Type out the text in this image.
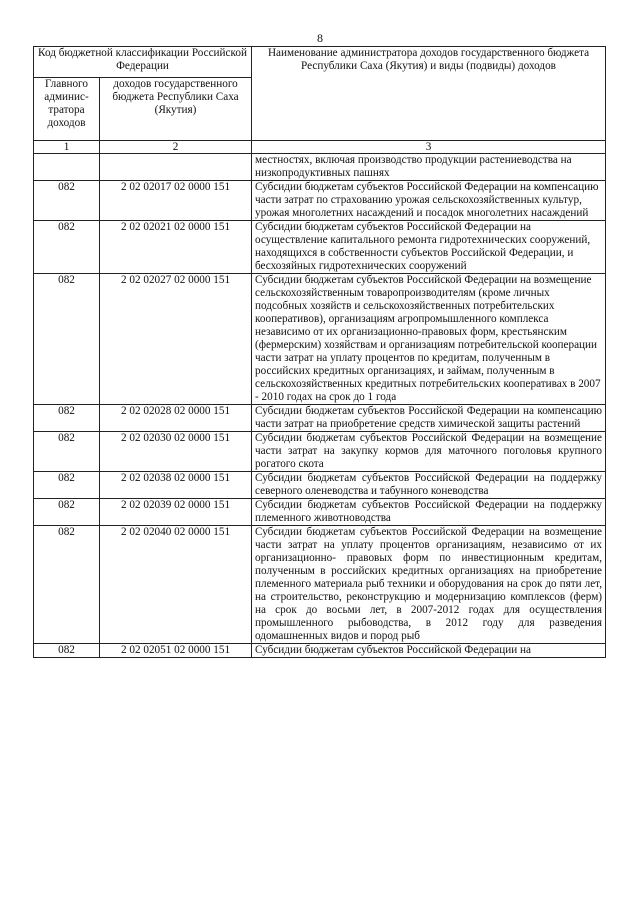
8
Код бюджетной классификации Российской Федерации		Наименование администратора доходов государственного бюджета Республики Саха (Якутия) и виды (подвиды) доходов
Главного админис-тратора доходов	доходов государственного бюджета Республики Саха (Якутия)	
1	2	3
		местностях, включая производство продукции растениеводства на низкопродуктивных пашнях
082	2 02 02017 02 0000 151	Субсидии бюджетам субъектов Российской Федерации на компенсацию части затрат по страхованию урожая сельскохозяйственных культур, урожая многолетних насаждений и посадок многолетних насаждений
082	2 02 02021 02 0000 151	Субсидии бюджетам субъектов Российской Федерации на осуществление капитального ремонта гидротехнических сооружений, находящихся в собственности субъектов Российской Федерации, и бесхозяйных гидротехнических сооружений
082	2 02 02027 02 0000 151	Субсидии бюджетам субъектов Российской Федерации на возмещение сельскохозяйственным товаропроизводителям (кроме личных подсобных хозяйств и сельскохозяйственных потребительских кооперативов), организациям агропромышленного комплекса независимо от их организационно-правовых форм, крестьянским (фермерским) хозяйствам и организациям потребительской кооперации части затрат на уплату процентов по кредитам, полученным в российских кредитных организациях, и займам, полученным в сельскохозяйственных кредитных потребительских кооперативах в 2007 - 2010 годах на срок до 1 года
082	2 02 02028 02 0000 151	Субсидии бюджетам субъектов Российской Федерации на компенсацию части затрат на приобретение средств химической защиты растений
082	2 02 02030 02 0000 151	Субсидии бюджетам субъектов Российской Федерации на возмещение части затрат на закупку кормов для маточного поголовья крупного рогатого скота
082	2 02 02038 02 0000 151	Субсидии бюджетам субъектов Российской Федерации на поддержку северного оленеводства и табунного коневодства
082	2 02 02039 02 0000 151	Субсидии бюджетам субъектов Российской Федерации на поддержку племенного животноводства
082	2 02 02040 02 0000 151	Субсидии бюджетам субъектов Российской Федерации на возмещение части затрат на уплату процентов организациям, независимо от их организационно- правовых форм по инвестиционным кредитам, полученным в российских кредитных организациях на приобретение племенного материала рыб техники и оборудования на срок до пяти лет, на строительство, реконструкцию и модернизацию комплексов (ферм) на срок до восьми лет, в 2007-2012 годах для осуществления промышленного рыбоводства, в 2012 году для разведения одомашненных видов и пород рыб
082	2 02 02051 02 0000 151	Субсидии бюджетам субъектов Российской Федерации на
